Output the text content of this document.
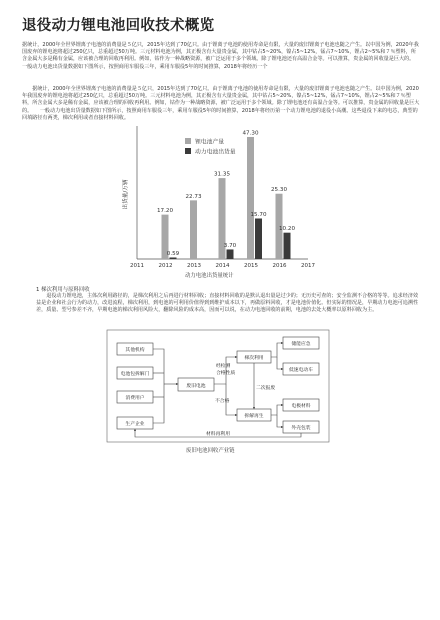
退役动力锂电池回收技术概览

据统计，2000年全世界锂离子电池的消费量是５亿只，2015年达到了70亿只。由于锂离子电池的使用寿命是有限，大量的废旧锂离子电池也随之产生。以中国为例，2020年我国废弃的锂电池将超过250亿只，总重超过50万吨。三元材料电池为例，其正极含有大量贵金属，其中钴占5~20%，镍占5~12%，锰占7~10%，锂占2~5%和７％塑料，所含金属大多是稀有金属，应该被合理的回收再利用。例如，钴作为一种战略资源，被广泛运用于多个领域。除了锂电池还有高温合金等。可以推算，贵金属的回收量是巨大的。　　一般动力电池出货量数据如下图所示，按照商用车服役三年，乘用车服役5年的时间推算，2018年将经历一个

　　据统计，2000年全世界锂离子电池的消费量是５亿只，2015年达到了70亿只。由于锂离子电池的使用寿命是有限，大量的废旧锂离子电池也随之产生。以中国为例，2020年我国废弃的锂电池将超过250亿只，总重超过50万吨。三元材料电池为例，其正极含有大量贵金属，其中钴占5~20%，镍占5~12%，锰占7~10%，锂占2~5%和７％塑料，所含金属大多是稀有金属，应该被合理的回收再利用。例如，钴作为一种战略资源，被广泛运用于多个领域。除了锂电池还有高温合金等。可以推算，贵金属的回收量是巨大的。　　一般动力电池出货量数据如下图所示，按照商用车服役三年，乘用车服役5年的时间推算，2018年将经历第一个动力锂电池的退役小高潮。这些退役下来的电芯，典型的回填路径有两类，梯次利用或者直接材料回收。

出货量/万辆
2011	2012	2013	2014	2015	2016	2017
17.20
22.73
31.35
47.30
25.30
0.59
3.70
15.70
10.20
锂电池产量
动力电池出货量
动力电池出货量统计
1 梯次利用与原料回收

　　退役动力锂电池，主体次利用路径的，是梯次利用之后再进行材料回收；直接材料回收的是默认退出量是过少的；无历史可查的；安全监测不合格的等等。追求经济效益是企业和社会行为的动力，改进流程，梯次利用，到电池的可利用价值得到到维护成本以下，再做原料回收，才是电池价值化。但实际的情况是，早期动力电池可追溯性差，质量、型号参差不齐，早期电池的梯次利用风险大，翻除风险的成本高，因而可以说，在动力电池回收的前期，电池的去处大概率以原料回收为主。

其他机构
电池包拆解门
消费用户
生产企业
废旧电池
梯次利用
拆解再生
储能应急
低速电动车
电极材料
外壳包装
经检测
合格性质
不合格
二次报废
材料再利用
废旧电池回收产业链
